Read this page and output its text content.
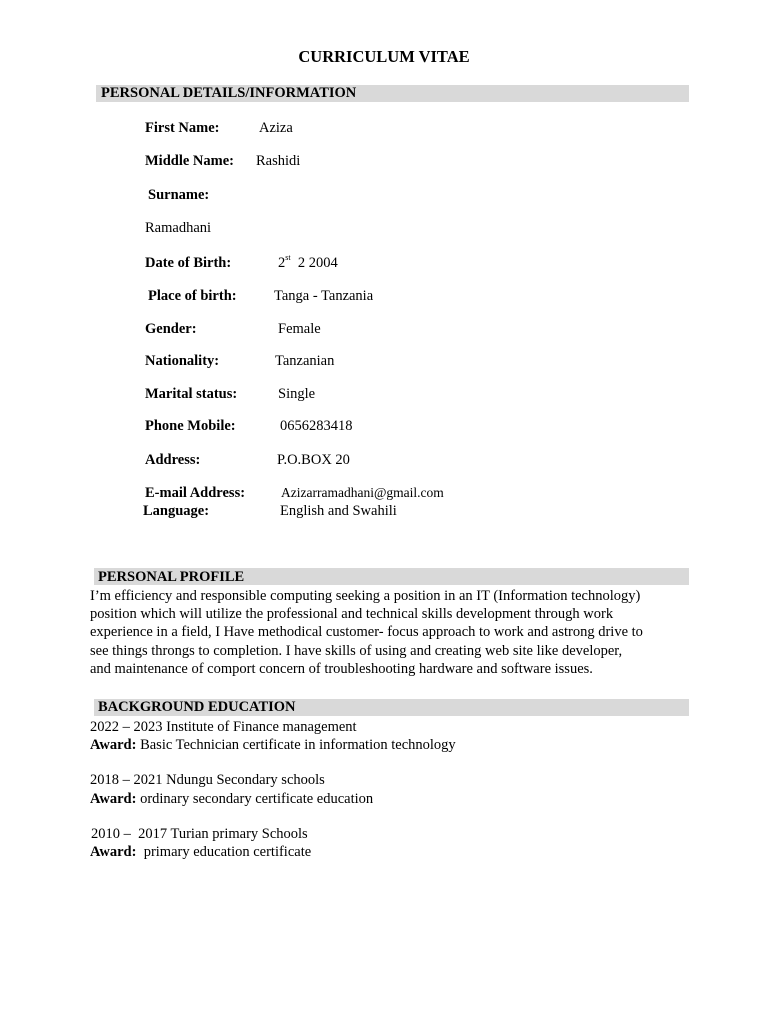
CURRICULUM VITAE
PERSONAL DETAILS/INFORMATION
First Name:	Aziza
Middle Name: Rashidi
Surname:
Ramadhani
Date of Birth:	2st 2 2004
Place of birth:	Tanga - Tanzania
Gender:	Female
Nationality:	Tanzanian
Marital status:	Single
Phone Mobile:	0656283418
Address:	P.O.BOX 20
E-mail Address:	Azizarramadhani@gmail.com
Language:	English and Swahili
PERSONAL PROFILE
I’m efficiency and responsible computing seeking a position in an IT (Information technology)
position which will utilize the professional and technical skills development through work
experience in a field, I Have methodical customer- focus approach to work and astrong drive to
see things throngs to completion. I have skills of using and creating web site like developer,
and maintenance of comport concern of troubleshooting hardware and software issues.
BACKGROUND EDUCATION
2022 – 2023 Institute of Finance management
Award: Basic Technician certificate in information technology
2018 – 2021 Ndungu Secondary schools
Award: ordinary secondary certificate education
2010 –  2017 Turian primary Schools
Award:  primary education certificate
